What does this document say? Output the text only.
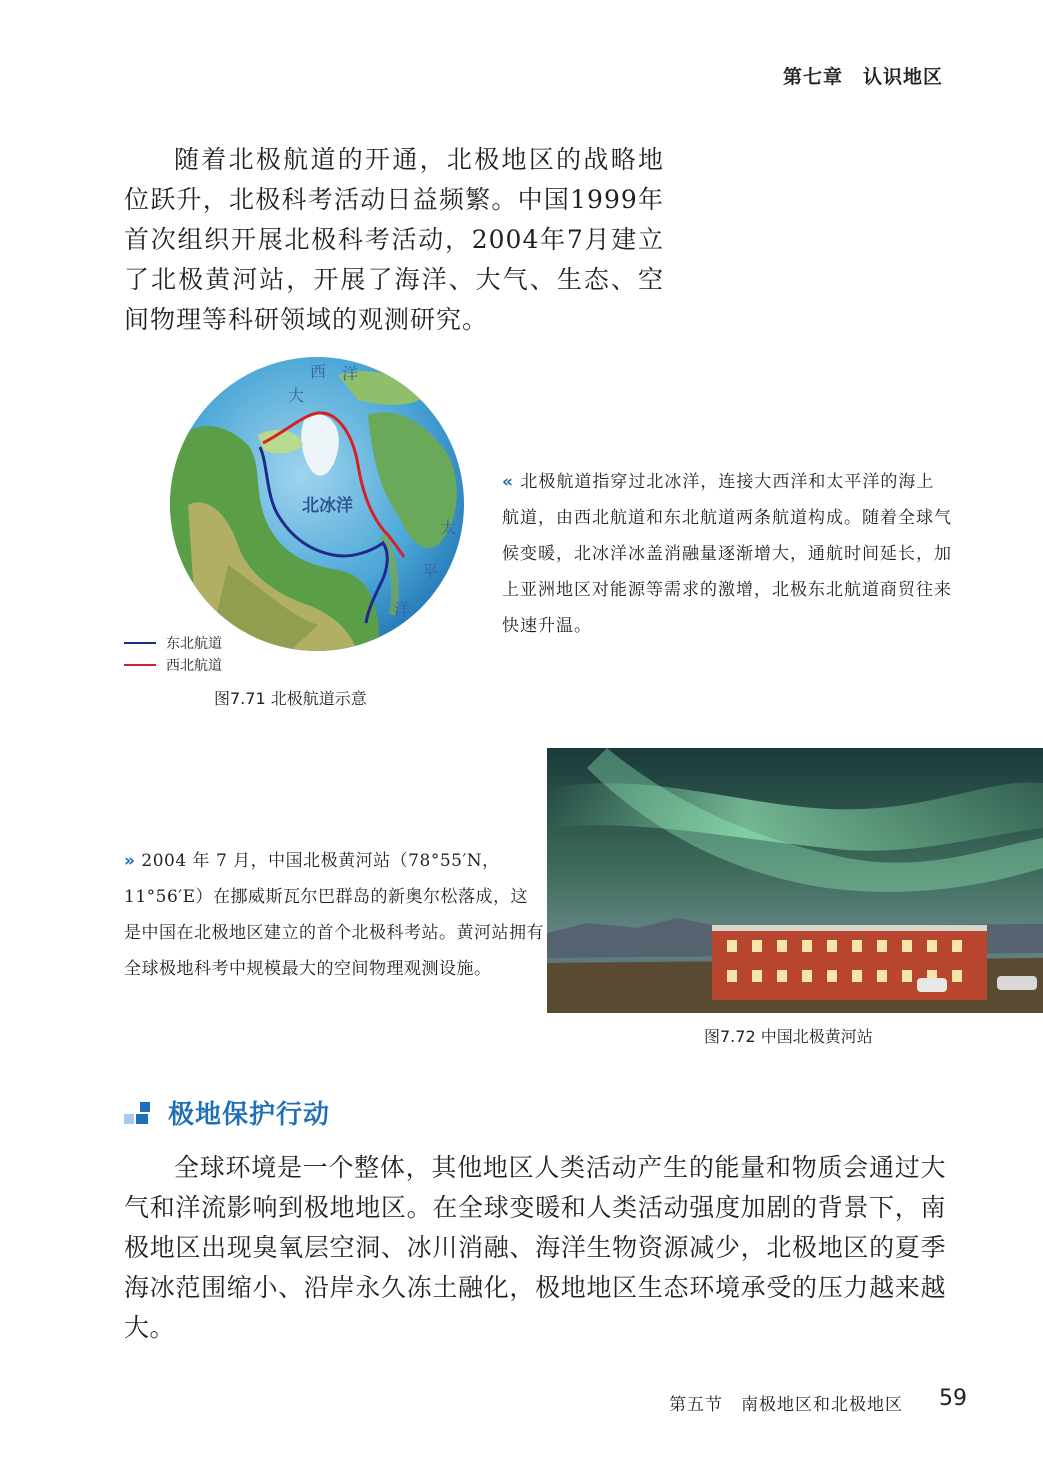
第七章　认识地区

随着北极航道的开通，北极地区的战略地位跃升，北极科考活动日益频繁。中国1999年首次组织开展北极科考活动，2004年7月建立了北极黄河站，开展了海洋、大气、生态、空间物理等科研领域的观测研究。

大
西 洋
北冰洋
太
平
洋
东北航道
西北航道
图7.71 北极航道示意

« 北极航道指穿过北冰洋，连接大西洋和太平洋的海上航道，由西北航道和东北航道两条航道构成。随着全球气候变暖，北冰洋冰盖消融量逐渐增大，通航时间延长，加上亚洲地区对能源等需求的激增，北极东北航道商贸往来快速升温。

» 2004 年 7 月，中国北极黄河站（78°55′N，11°56′E）在挪威斯瓦尔巴群岛的新奥尔松落成，这是中国在北极地区建立的首个北极科考站。黄河站拥有全球极地科考中规模最大的空间物理观测设施。

图7.72 中国北极黄河站
极地保护行动

全球环境是一个整体，其他地区人类活动产生的能量和物质会通过大气和洋流影响到极地地区。在全球变暖和人类活动强度加剧的背景下，南极地区出现臭氧层空洞、冰川消融、海洋生物资源减少，北极地区的夏季海冰范围缩小、沿岸永久冻土融化，极地地区生态环境承受的压力越来越大。

第五节　南极地区和北极地区 59
